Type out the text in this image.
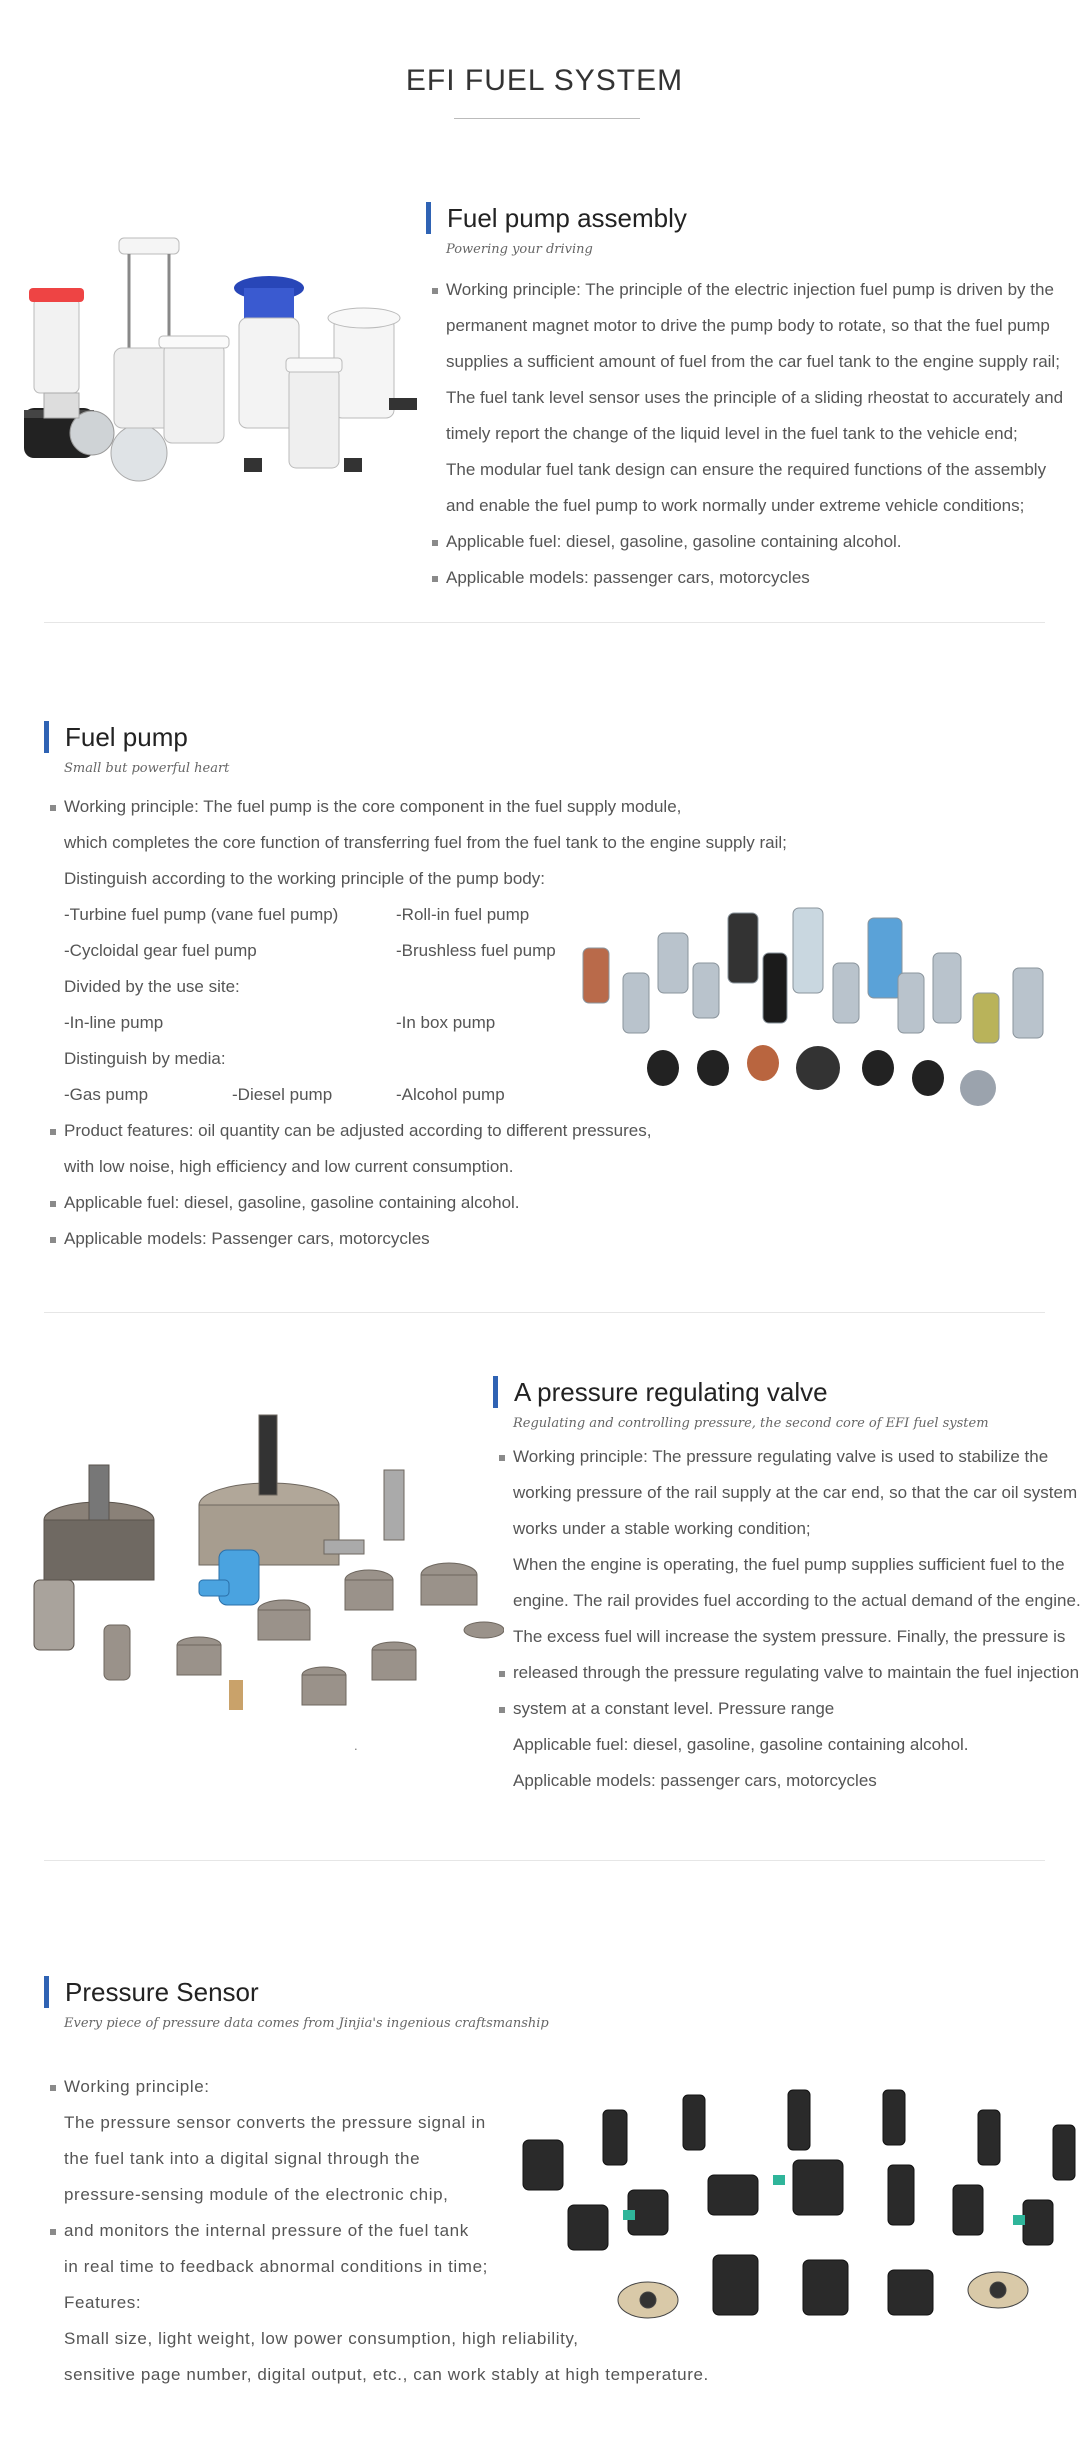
EFI FUEL SYSTEM
Fuel pump assembly
Powering your driving
Working principle: The principle of the electric injection fuel pump is driven by the
permanent magnet motor to drive the pump body to rotate, so that the fuel pump
supplies a sufficient amount of fuel from the car fuel tank to the engine supply rail;
The fuel tank level sensor uses the principle of a sliding rheostat to accurately and
timely report the change of the liquid level in the fuel tank to the vehicle end;
The modular fuel tank design can ensure the required functions of the assembly
and enable the fuel pump to work normally under extreme vehicle conditions;
Applicable fuel: diesel, gasoline, gasoline containing alcohol.
Applicable models: passenger cars, motorcycles
Fuel pump
Small but powerful heart
Working principle: The fuel pump is the core component in the fuel supply module,
which completes the core function of transferring fuel from the fuel tank to the engine supply rail;
Distinguish according to the working principle of the pump body:
-Turbine fuel pump (vane fuel pump)	-Roll-in fuel pump
-Cycloidal gear fuel pump	-Brushless fuel pump
Divided by the use site:
-In-line pump	-In box pump
Distinguish by media:
-Gas pump	-Diesel pump	-Alcohol pump
Product features: oil quantity can be adjusted according to different pressures,
with low noise, high efficiency and low current consumption.
Applicable fuel: diesel, gasoline, gasoline containing alcohol.
Applicable models: Passenger cars, motorcycles
.
A pressure regulating valve
Regulating and controlling pressure, the second core of EFI fuel system
Working principle: The pressure regulating valve is used to stabilize the
working pressure of the rail supply at the car end, so that the car oil system
works under a stable working condition;
When the engine is operating, the fuel pump supplies sufficient fuel to the
engine. The rail provides fuel according to the actual demand of the engine.
The excess fuel will increase the system pressure. Finally, the pressure is
released through the pressure regulating valve to maintain the fuel injection
system at a constant level. Pressure range
Applicable fuel: diesel, gasoline, gasoline containing alcohol.
Applicable models: passenger cars, motorcycles
Pressure Sensor
Every piece of pressure data comes from Jinjia's ingenious craftsmanship
Working principle:
The pressure sensor converts the pressure signal in
the fuel tank into a digital signal through the
pressure-sensing module of the electronic chip,
and monitors the internal pressure of the fuel tank
in real time to feedback abnormal conditions in time;
Features:
Small size, light weight, low power consumption, high reliability,
sensitive page number, digital output, etc., can work stably at high temperature.
